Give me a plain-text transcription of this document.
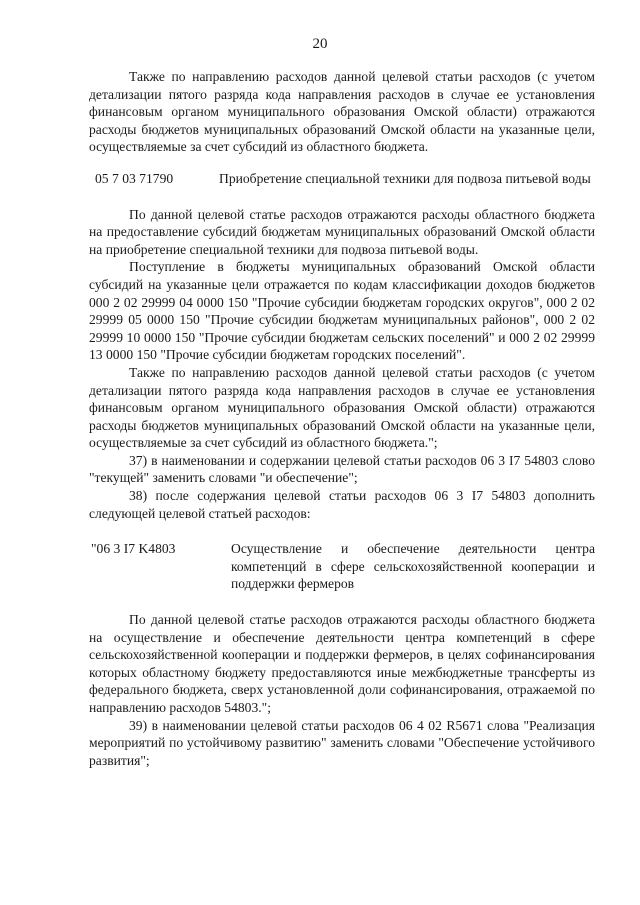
20

Также по направлению расходов данной целевой статьи расходов (с учетом детализации пятого разряда кода направления расходов в случае ее установления финансовым органом муниципального образования Омской области) отражаются расходы бюджетов муниципальных образований Омской области на указанные цели, осуществляемые за счет субсидий из областного бюджета.

05 7 03 71790	Приобретение специальной техники для подвоза питьевой воды

По данной целевой статье расходов отражаются расходы областного бюджета на предоставление субсидий бюджетам муниципальных образований Омской области на приобретение специальной техники для подвоза питьевой воды.

Поступление в бюджеты муниципальных образований Омской области субсидий на указанные цели отражается по кодам классификации доходов бюджетов 000 2 02 29999 04 0000 150 "Прочие субсидии бюджетам городских округов", 000 2 02 29999 05 0000 150 "Прочие субсидии бюджетам муниципальных районов", 000 2 02 29999 10 0000 150 "Прочие субсидии бюджетам сельских поселений" и 000 2 02 29999 13 0000 150 "Прочие субсидии бюджетам городских поселений".

Также по направлению расходов данной целевой статьи расходов (с учетом детализации пятого разряда кода направления расходов в случае ее установления финансовым органом муниципального образования Омской области) отражаются расходы бюджетов муниципальных образований Омской области на указанные цели, осуществляемые за счет субсидий из областного бюджета.";

37) в наименовании и содержании целевой статьи расходов 06 3 I7 54803 слово "текущей" заменить словами "и обеспечение";

38) после содержания целевой статьи расходов 06 3 I7 54803 дополнить следующей целевой статьей расходов:

"06 3 I7 K4803	Осуществление и обеспечение деятельности центра компетенций в сфере сельскохозяйственной кооперации и поддержки фермеров

По данной целевой статье расходов отражаются расходы областного бюджета на осуществление и обеспечение деятельности центра компетенций в сфере сельскохозяйственной кооперации и поддержки фермеров, в целях софинансирования которых областному бюджету предоставляются иные межбюджетные трансферты из федерального бюджета, сверх установленной доли софинансирования, отражаемой по направлению расходов 54803.";

39) в наименовании целевой статьи расходов 06 4 02 R5671 слова "Реализация мероприятий по устойчивому развитию" заменить словами "Обеспечение устойчивого развития";
